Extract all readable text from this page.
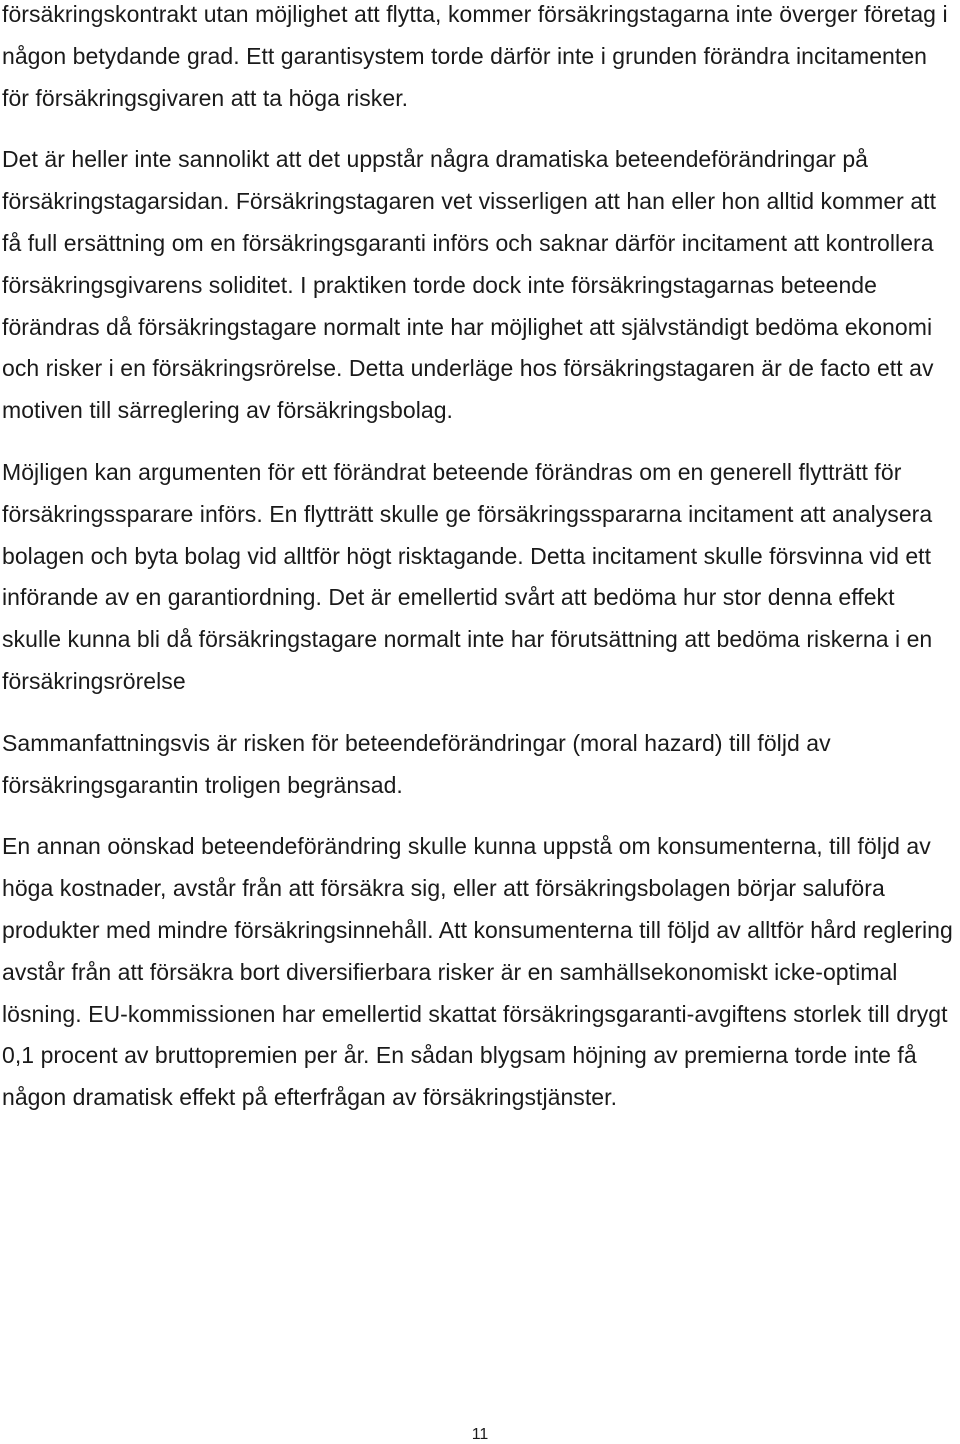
försäkringskontrakt utan möjlighet att flytta, kommer försäkringstagarna inte överger företag i någon betydande grad. Ett garantisystem torde därför inte i grunden förändra incitamenten för försäkringsgivaren att ta höga risker.

Det är heller inte sannolikt att det uppstår några dramatiska beteendeförändringar på försäkringstagarsidan. Försäkringstagaren vet visserligen att han eller hon alltid kommer att få full ersättning om en försäkringsgaranti införs och saknar därför incitament att kontrollera försäkringsgivarens soliditet. I praktiken torde dock inte försäkringstagarnas beteende förändras då försäkringstagare normalt inte har möjlighet att självständigt bedöma ekonomi och risker i en försäkringsrörelse. Detta underläge hos försäkringstagaren är de facto ett av motiven till särreglering av försäkringsbolag.

Möjligen kan argumenten för ett förändrat beteende förändras om en generell flytträtt för försäkringssparare införs. En flytträtt skulle ge försäkringsspararna incitament att analysera bolagen och byta bolag vid alltför högt risktagande. Detta incitament skulle försvinna vid ett införande av en garantiordning. Det är emellertid svårt att bedöma hur stor denna effekt skulle kunna bli då försäkringstagare normalt inte har förutsättning att bedöma riskerna i en försäkringsrörelse

Sammanfattningsvis är risken för beteendeförändringar (moral hazard) till följd av försäkringsgarantin troligen begränsad.

En annan oönskad beteendeförändring skulle kunna uppstå om konsumenterna, till följd av höga kostnader, avstår från att försäkra sig, eller att försäkringsbolagen börjar saluföra produkter med mindre försäkringsinnehåll. Att konsumenterna till följd av alltför hård reglering avstår från att försäkra bort diversifierbara risker är en samhällsekonomiskt icke-optimal lösning. EU-kommissionen har emellertid skattat försäkringsgaranti-avgiftens storlek till drygt 0,1 procent av bruttopremien per år. En sådan blygsam höjning av premierna torde inte få någon dramatisk effekt på efterfrågan av försäkringstjänster.

11
